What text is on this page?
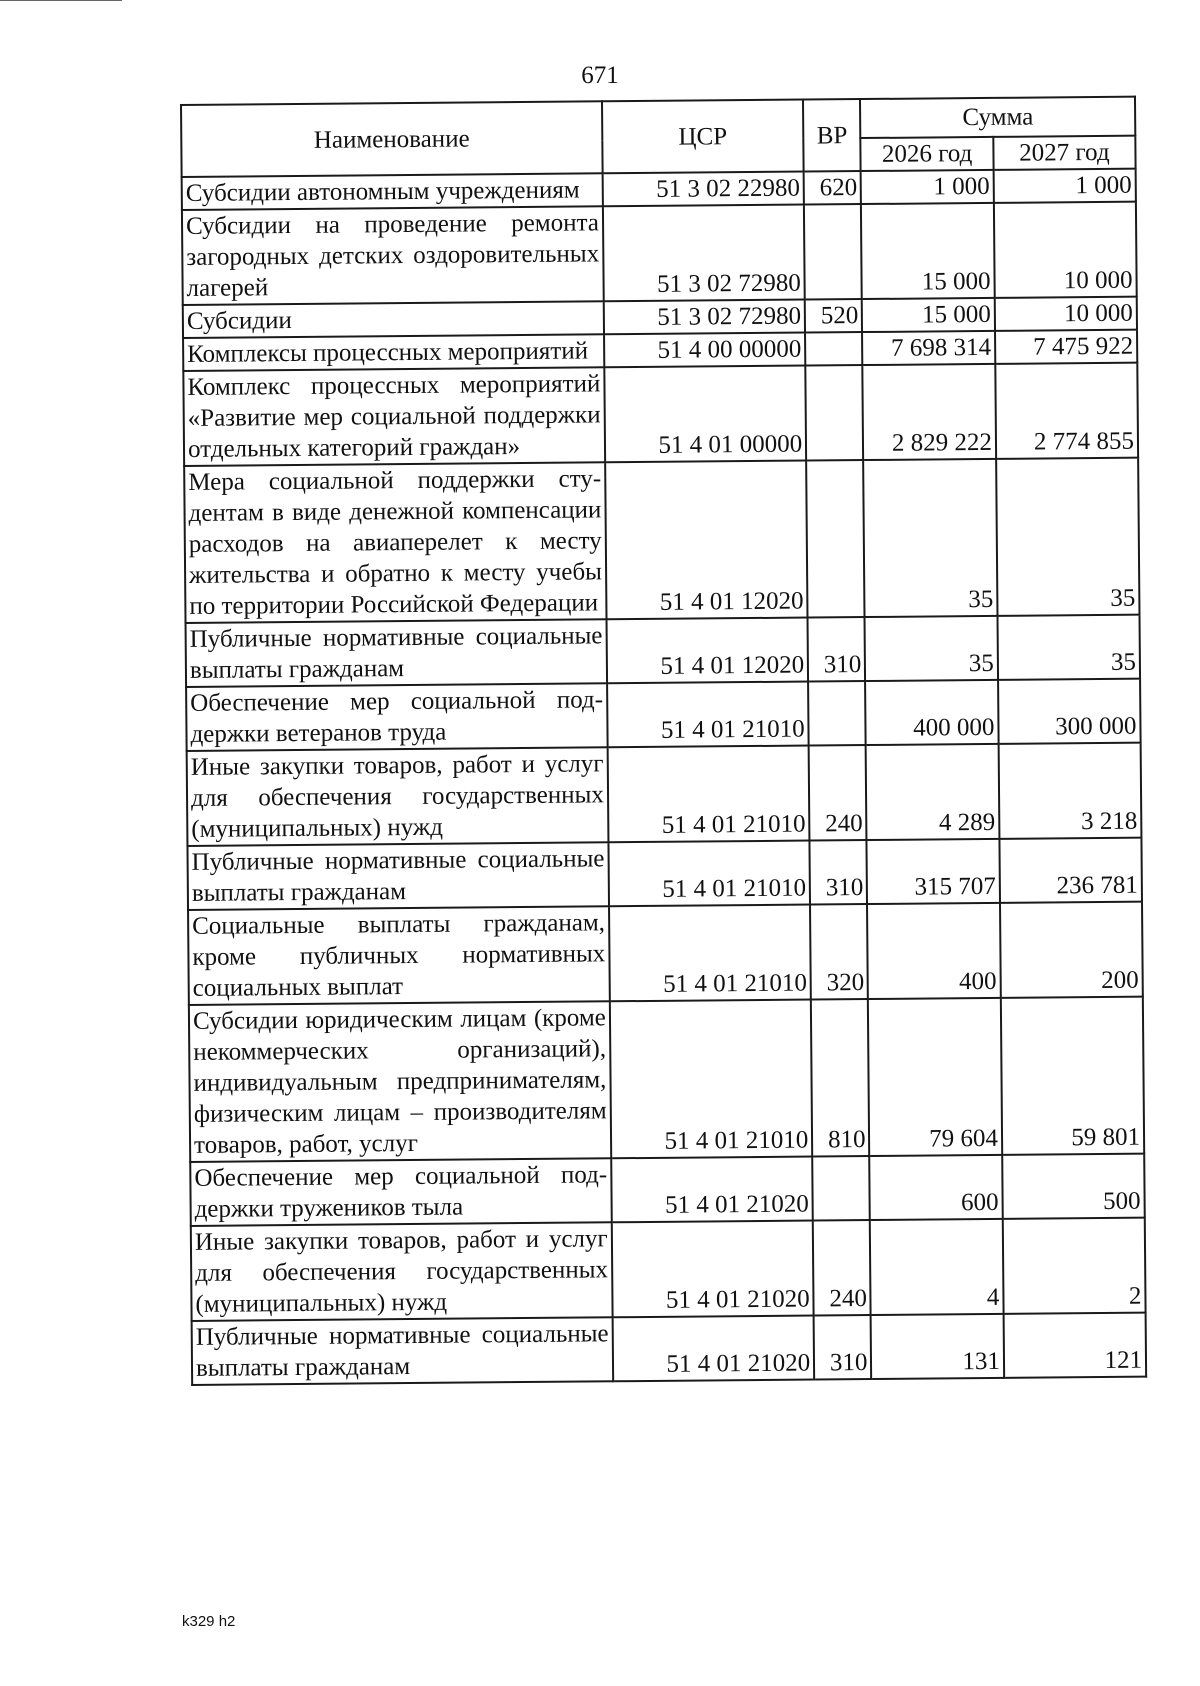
671
Наименование	ЦСР	ВР	Сумма	
			2026 год	2027 год
Субсидии автономным учреждениям	51 3 02 22980	620	1 000	1 000
Субсидии на проведение ремонта загородных детских оздоровительных лагерей	51 3 02 72980		15 000	10 000
Субсидии	51 3 02 72980	520	15 000	10 000
Комплексы процессных мероприятий	51 4 00 00000		7 698 314	7 475 922
Комплекс процессных мероприятий «Развитие мер социальной поддержки отдельных категорий граждан»	51 4 01 00000		2 829 222	2 774 855
Мера социальной поддержки студентам в виде денежной компенсации расходов на авиаперелет к месту жительства и обратно к месту учебы по территории Российской Федерации	51 4 01 12020		35	35
Публичные нормативные социальные выплаты гражданам	51 4 01 12020	310	35	35
Обеспечение мер социальной поддержки ветеранов труда	51 4 01 21010		400 000	300 000
Иные закупки товаров, работ и услуг для обеспечения государственных (муниципальных) нужд	51 4 01 21010	240	4 289	3 218
Публичные нормативные социальные выплаты гражданам	51 4 01 21010	310	315 707	236 781
Социальные выплаты гражданам, кроме публичных нормативных социальных выплат	51 4 01 21010	320	400	200
Субсидии юридическим лицам (кроме некоммерческих организаций), индивидуальным предпринимателям, физическим лицам – производителям товаров, работ, услуг	51 4 01 21010	810	79 604	59 801
Обеспечение мер социальной поддержки тружеников тыла	51 4 01 21020		600	500
Иные закупки товаров, работ и услуг для обеспечения государственных (муниципальных) нужд	51 4 01 21020	240	4	2
Публичные нормативные социальные выплаты гражданам	51 4 01 21020	310	131	121
k329 h2
